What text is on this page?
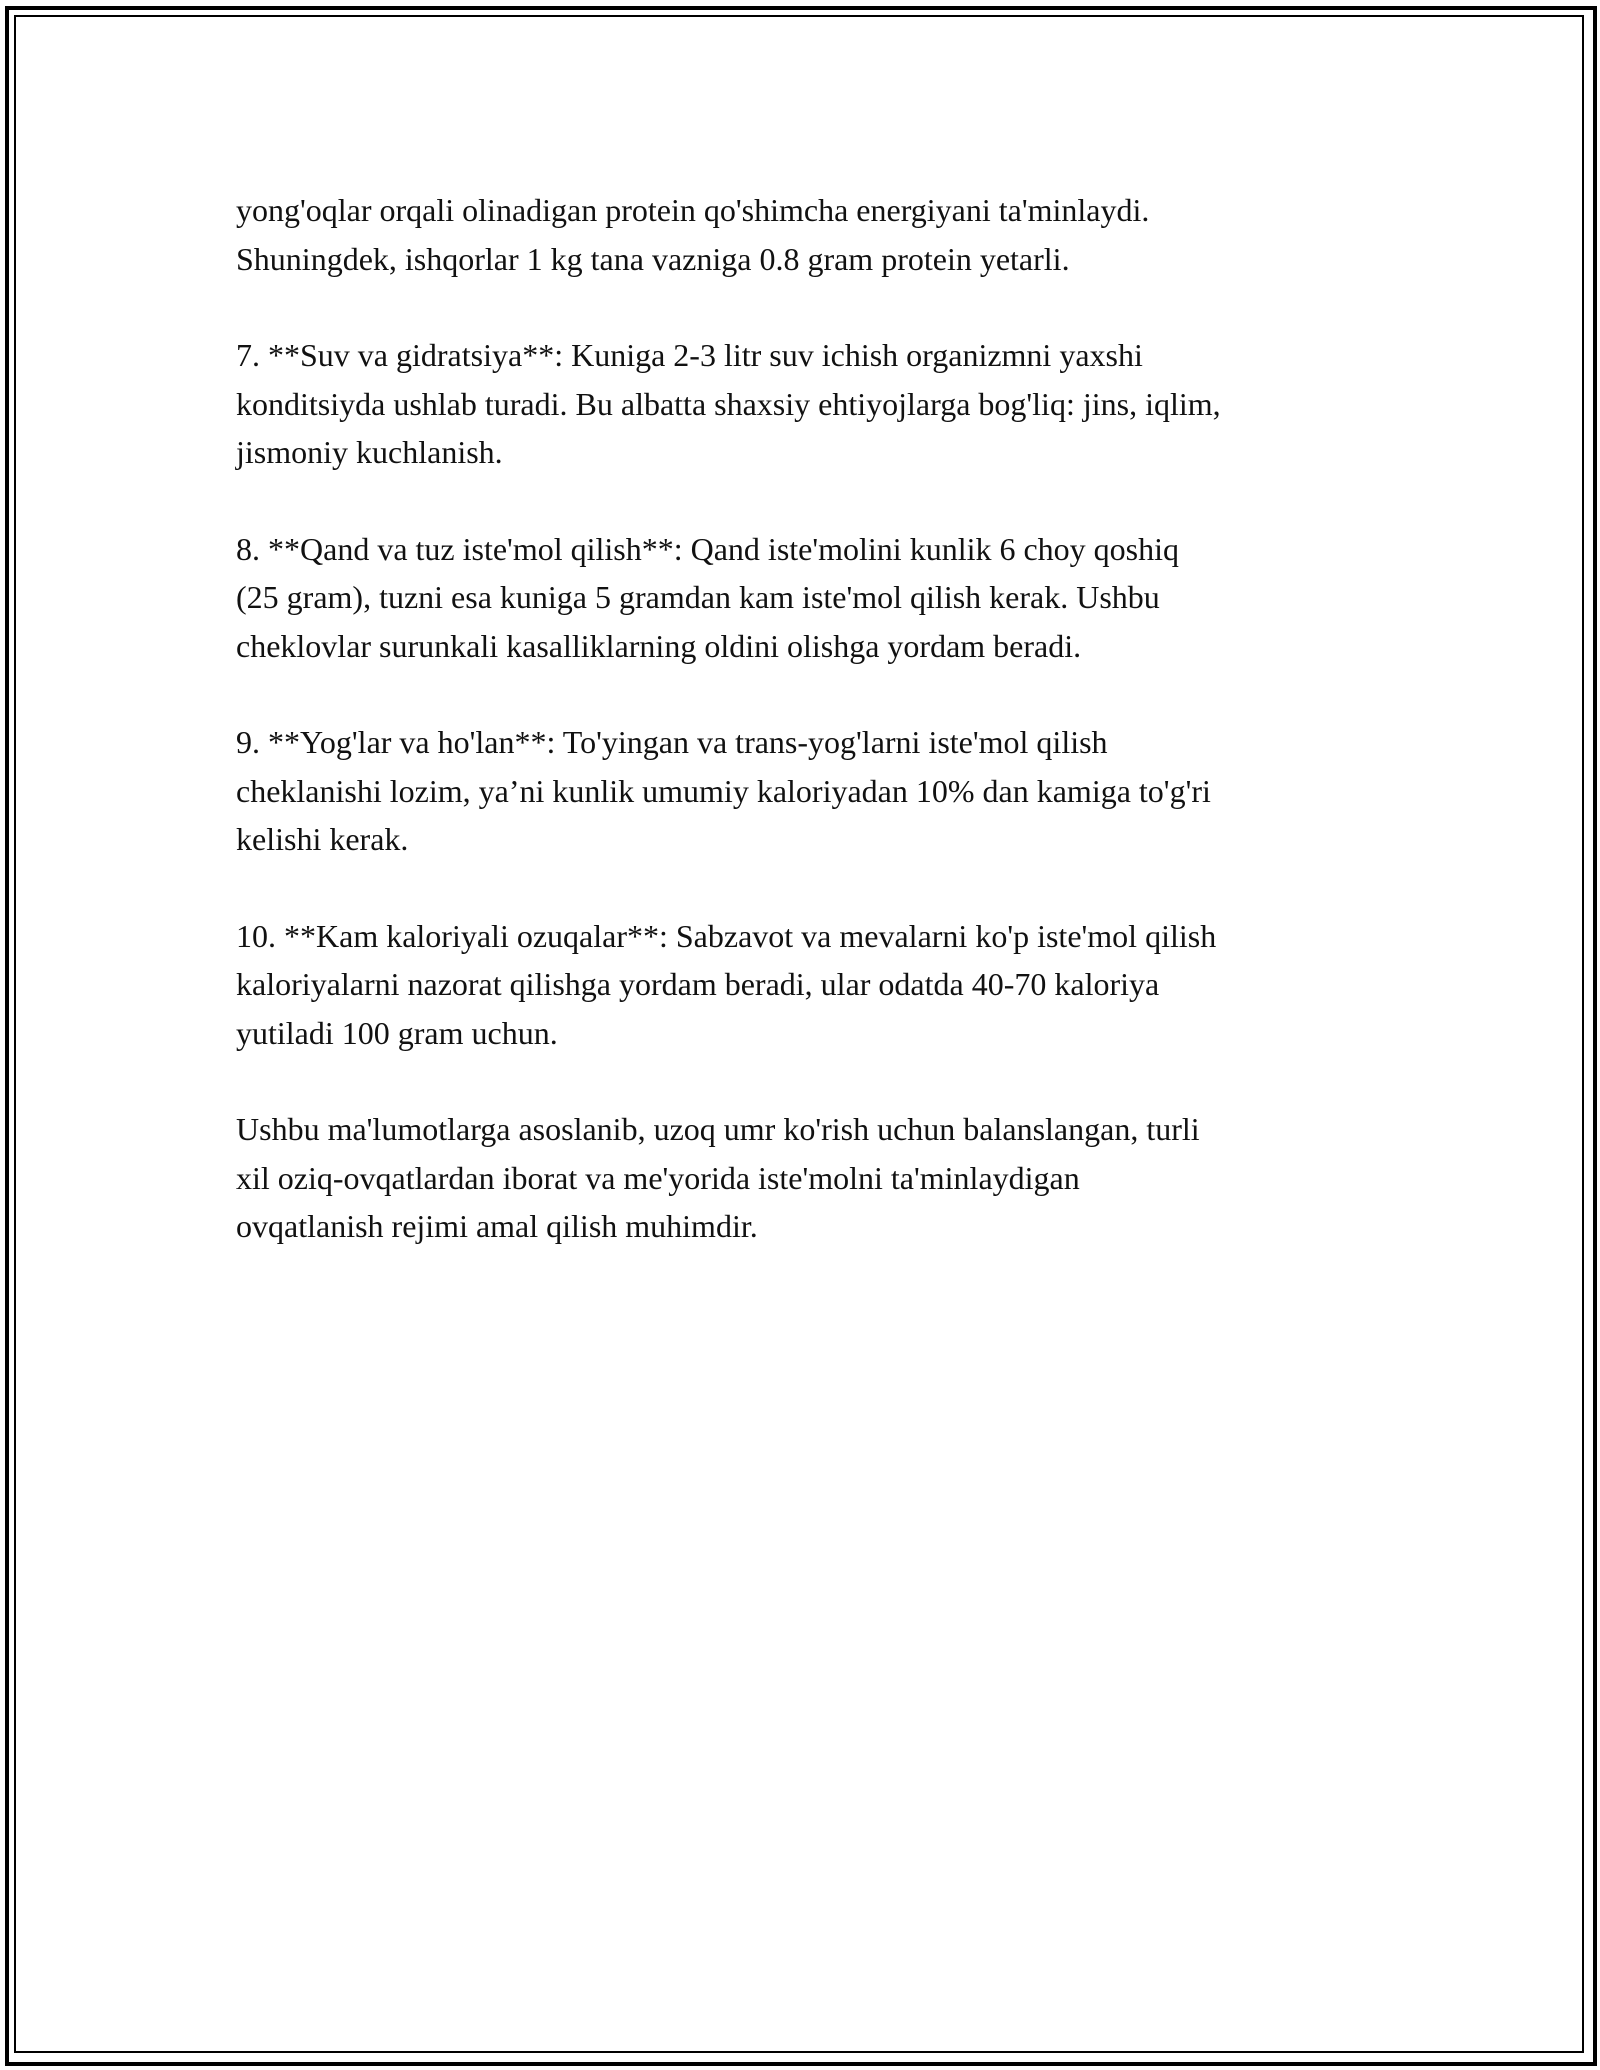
yong'oqlar orqali olinadigan protein qo'shimcha energiyani ta'minlaydi.
Shuningdek, ishqorlar 1 kg tana vazniga 0.8 gram protein yetarli.

7. **Suv va gidratsiya**: Kuniga 2-3 litr suv ichish organizmni yaxshi
konditsiyda ushlab turadi. Bu albatta shaxsiy ehtiyojlarga bog'liq: jins, iqlim,
jismoniy kuchlanish.

8. **Qand va tuz iste'mol qilish**: Qand iste'molini kunlik 6 choy qoshiq
(25 gram), tuzni esa kuniga 5 gramdan kam iste'mol qilish kerak. Ushbu
cheklovlar surunkali kasalliklarning oldini olishga yordam beradi.

9. **Yog'lar va ho'lan**: To'yingan va trans-yog'larni iste'mol qilish
cheklanishi lozim, ya’ni kunlik umumiy kaloriyadan 10% dan kamiga to'g'ri
kelishi kerak.

10. **Kam kaloriyali ozuqalar**: Sabzavot va mevalarni ko'p iste'mol qilish
kaloriyalarni nazorat qilishga yordam beradi, ular odatda 40-70 kaloriya
yutiladi 100 gram uchun.

Ushbu ma'lumotlarga asoslanib, uzoq umr ko'rish uchun balanslangan, turli
xil oziq-ovqatlardan iborat va me'yorida iste'molni ta'minlaydigan
ovqatlanish rejimi amal qilish muhimdir.
